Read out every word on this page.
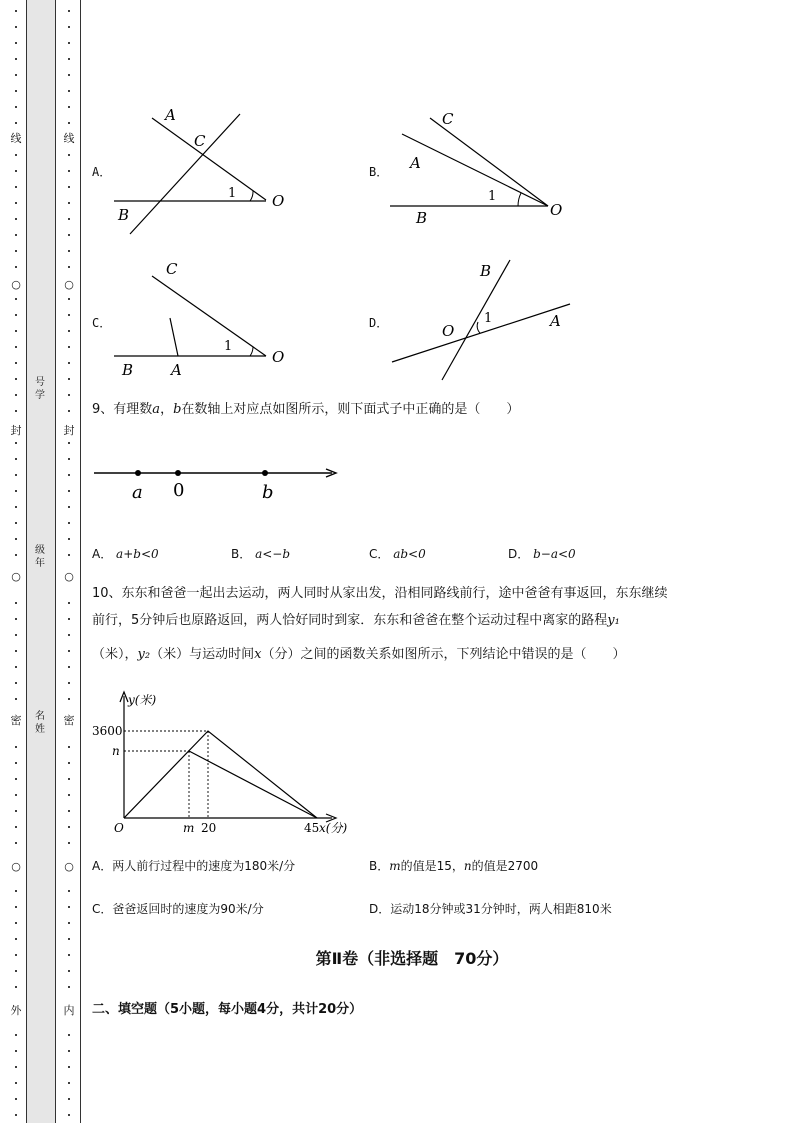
线
○
封
○
密
○
外
线
○
封
○
密
○
内
号
学
级
年
名
姓
A．
A
C
B
O
1
B．
C
A
B	O
1
C．
C
B	A
O
1
D．
B
O
A
1
9、有理数a，b在数轴上对应点如图所示，则下面式子中正确的是（　　）
a 0	b
A． a+b<0	B． a<−b	C． ab<0	D． b−a<0
10、东东和爸爸一起出去运动，两人同时从家出发，沿相同路线前行，途中爸爸有事返回，东东继续
前行，5分钟后也原路返回，两人恰好同时到家．东东和爸爸在整个运动过程中离家的路程y₁
（米），y₂（米）与运动时间x（分）之间的函数关系如图所示，下列结论中错误的是（　　）
y(米)
3600
n
O	m 20	45 x(分)
A．两人前行过程中的速度为180米/分	B．m的值是15，n的值是2700
C．爸爸返回时的速度为90米/分	D．运动18分钟或31分钟时，两人相距810米
第Ⅱ卷（非选择题　70分）
二、填空题（5小题，每小题4分，共计20分）
